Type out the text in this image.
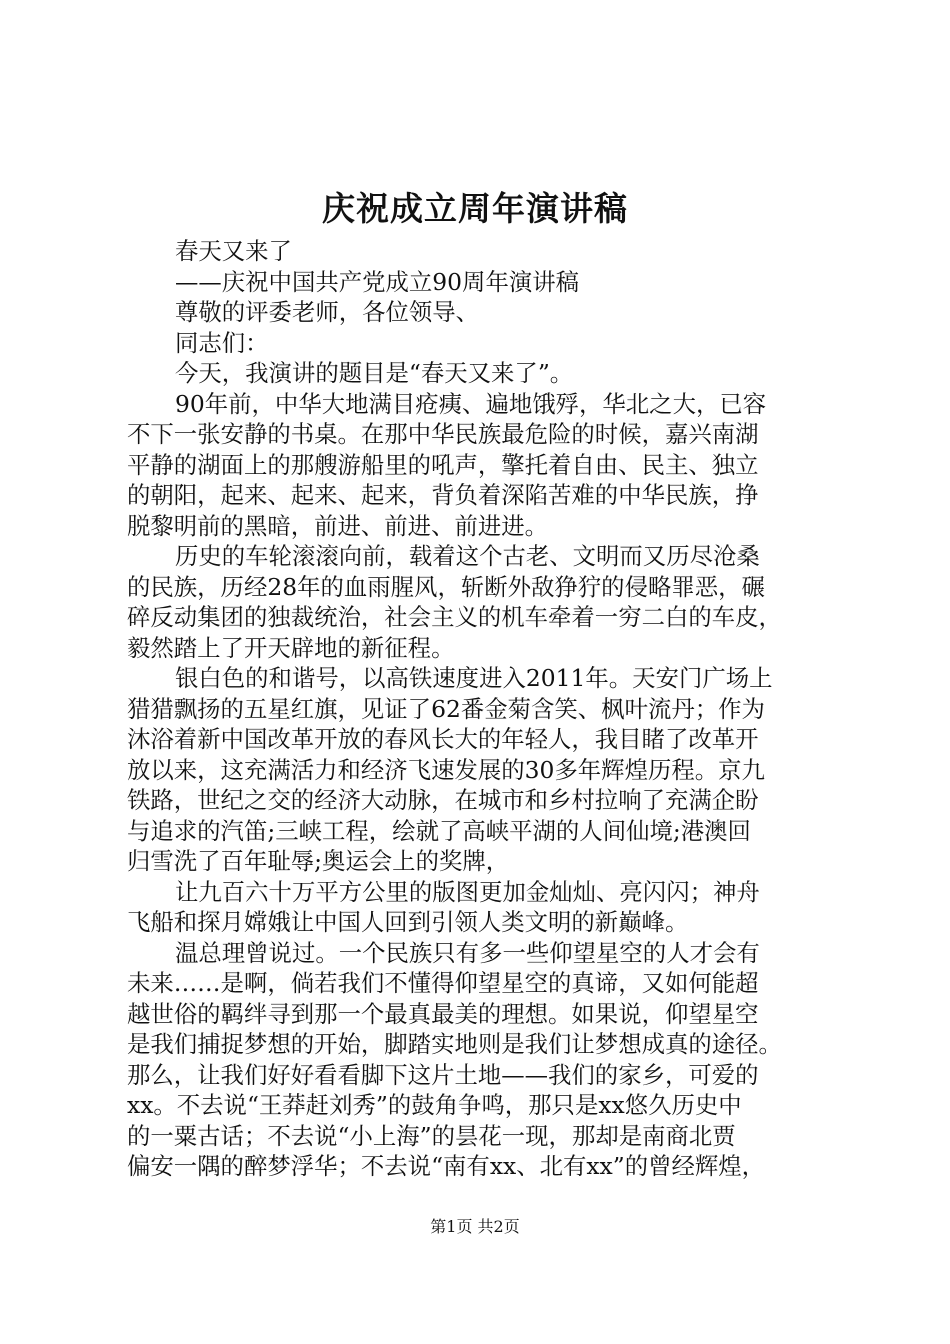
庆祝成立周年演讲稿
春天又来了
——庆祝中国共产党成立90周年演讲稿
尊敬的评委老师，各位领导、
同志们：
今天，我演讲的题目是“春天又来了”。
90年前，中华大地满目疮痍、遍地饿殍，华北之大，已容
不下一张安静的书桌。在那中华民族最危险的时候，嘉兴南湖
平静的湖面上的那艘游船里的吼声，擎托着自由、民主、独立
的朝阳，起来、起来、起来，背负着深陷苦难的中华民族，挣
脱黎明前的黑暗，前进、前进、前进进。
历史的车轮滚滚向前，载着这个古老、文明而又历尽沧桑
的民族，历经28年的血雨腥风，斩断外敌狰狞的侵略罪恶，碾
碎反动集团的独裁统治，社会主义的机车牵着一穷二白的车皮，
毅然踏上了开天辟地的新征程。
银白色的和谐号，以高铁速度进入2011年。天安门广场上
猎猎飘扬的五星红旗，见证了62番金菊含笑、枫叶流丹；作为
沐浴着新中国改革开放的春风长大的年轻人，我目睹了改革开
放以来，这充满活力和经济飞速发展的30多年辉煌历程。京九
铁路，世纪之交的经济大动脉，在城市和乡村拉响了充满企盼
与追求的汽笛;三峡工程，绘就了高峡平湖的人间仙境;港澳回
归雪洗了百年耻辱;奥运会上的奖牌，
让九百六十万平方公里的版图更加金灿灿、亮闪闪；神舟
飞船和探月嫦娥让中国人回到引领人类文明的新巅峰。
温总理曾说过。一个民族只有多一些仰望星空的人才会有
未来……是啊，倘若我们不懂得仰望星空的真谛，又如何能超
越世俗的羁绊寻到那一个最真最美的理想。如果说，仰望星空
是我们捕捉梦想的开始，脚踏实地则是我们让梦想成真的途径。
那么，让我们好好看看脚下这片土地——我们的家乡，可爱的
xx。不去说“王莽赶刘秀”的鼓角争鸣，那只是xx悠久历史中
的一粟古话；不去说“小上海”的昙花一现，那却是南商北贾
偏安一隅的醉梦浮华；不去说“南有xx、北有xx”的曾经辉煌，
第1页 共2页
